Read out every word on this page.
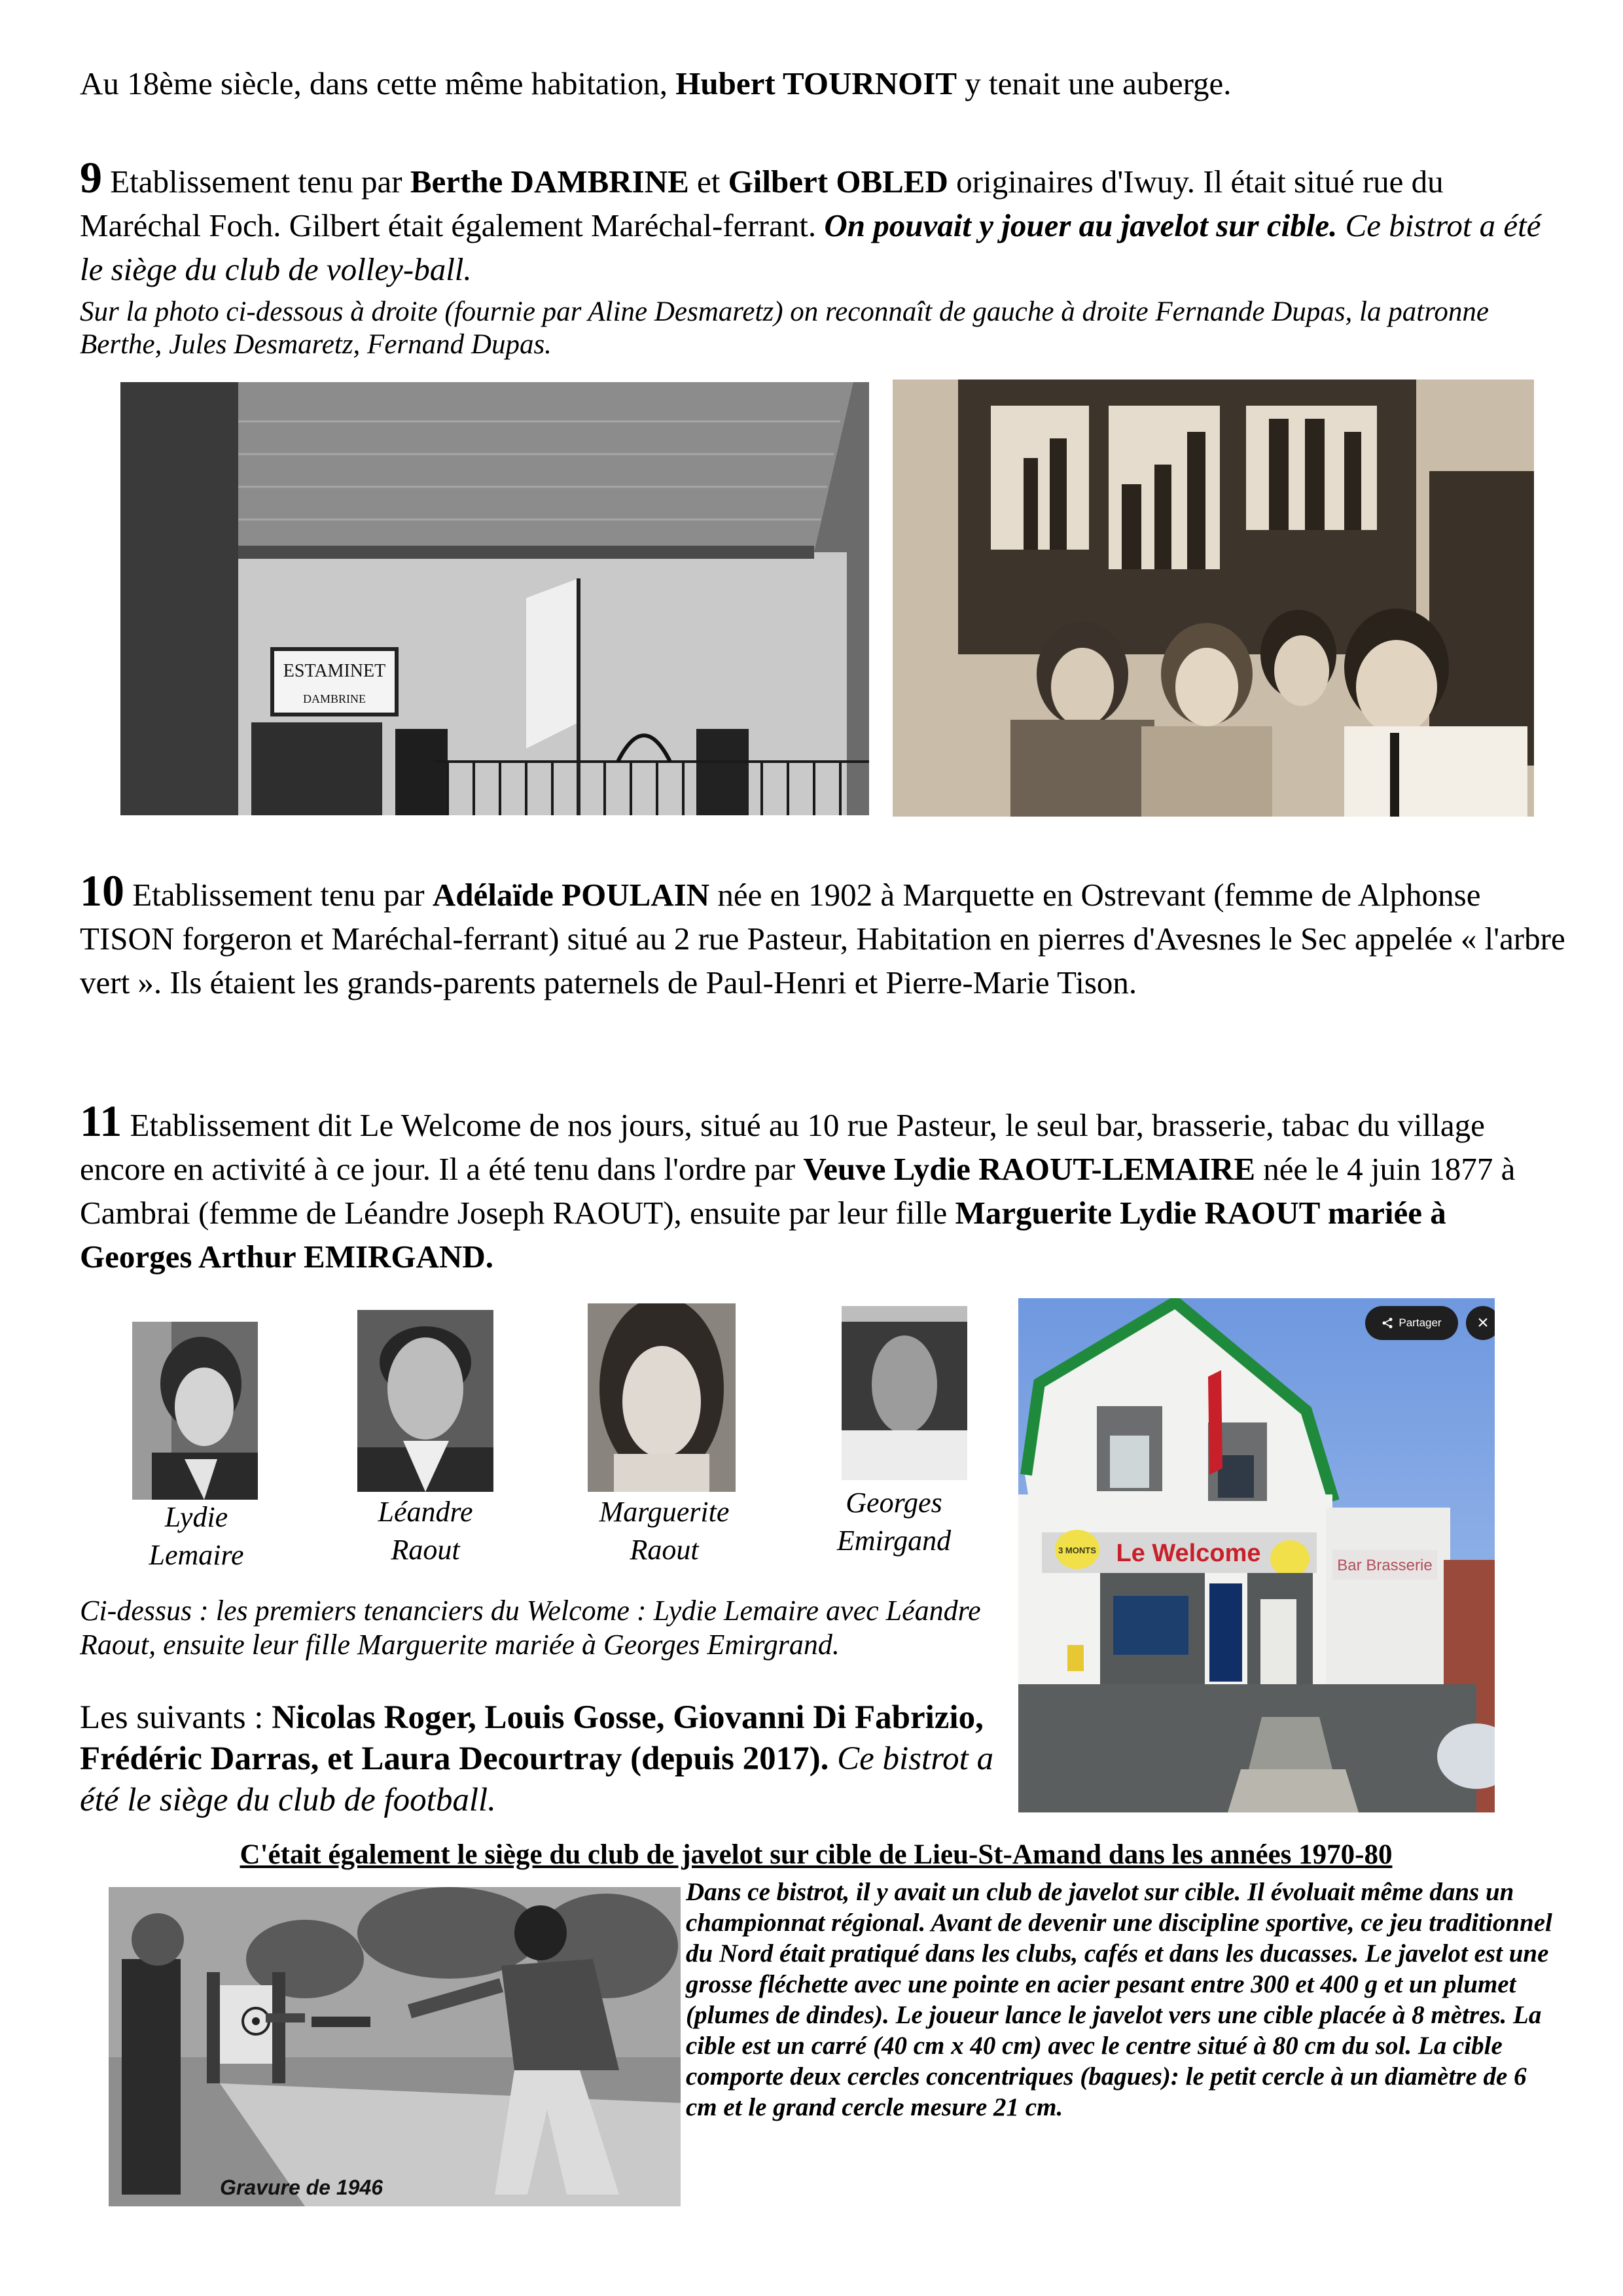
Au 18ème siècle, dans cette même habitation, Hubert TOURNOIT y tenait une auberge.

9 Etablissement tenu par Berthe DAMBRINE et Gilbert OBLED originaires d'Iwuy. Il était situé rue du Maréchal Foch. Gilbert était également Maréchal-ferrant. On pouvait y jouer au javelot sur cible. Ce bistrot a été le siège du club de volley-ball.

Sur la photo ci-dessous à droite (fournie par Aline Desmaretz) on reconnaît de gauche à droite Fernande Dupas, la patronne Berthe, Jules Desmaretz, Fernand Dupas.

ESTAMINET
DAMBRINE

10 Etablissement tenu par Adélaïde POULAIN née en 1902 à Marquette en Ostrevant (femme de Alphonse TISON forgeron et Maréchal-ferrant) situé au 2 rue Pasteur, Habitation en pierres d'Avesnes le Sec appelée « l'arbre vert ». Ils étaient les grands-parents paternels de Paul-Henri et Pierre-Marie Tison.

11 Etablissement dit Le Welcome de nos jours, situé au 10 rue Pasteur, le seul bar, brasserie, tabac du village encore en activité à ce jour. Il a été tenu dans l'ordre par Veuve Lydie RAOUT-LEMAIRE née le 4 juin 1877 à Cambrai (femme de Léandre Joseph RAOUT), ensuite par leur fille Marguerite Lydie RAOUT mariée à Georges Arthur EMIRGAND.

Lydie
Lemaire
Léandre
Raout
Marguerite
Raout
Georges
Emirgand

Ci-dessus : les premiers tenanciers du Welcome : Lydie Lemaire avec Léandre Raout, ensuite leur fille Marguerite mariée à Georges Emirgrand.

Les suivants : Nicolas Roger, Louis Gosse, Giovanni Di Fabrizio, Frédéric Darras, et Laura Decourtray (depuis 2017). Ce bistrot a été le siège du club de football.

3 MONTS Le Welcome	Bar Brasserie
Partager	×
C'était également le siège du club de javelot sur cible de Lieu-St-Amand dans les années 1970-80
Gravure de 1946

Dans ce bistrot, il y avait un club de javelot sur cible. Il évoluait même dans un championnat régional. Avant de devenir une discipline sportive, ce jeu traditionnel du Nord était pratiqué dans les clubs, cafés et dans les ducasses. Le javelot est une grosse fléchette avec une pointe en acier pesant entre 300 et 400 g et un plumet (plumes de dindes). Le joueur lance le javelot vers une cible placée à 8 mètres. La cible est un carré (40 cm x 40 cm) avec le centre situé à 80 cm du sol. La cible comporte deux cercles concentriques (bagues): le petit cercle à un diamètre de 6 cm et le grand cercle mesure 21 cm.
